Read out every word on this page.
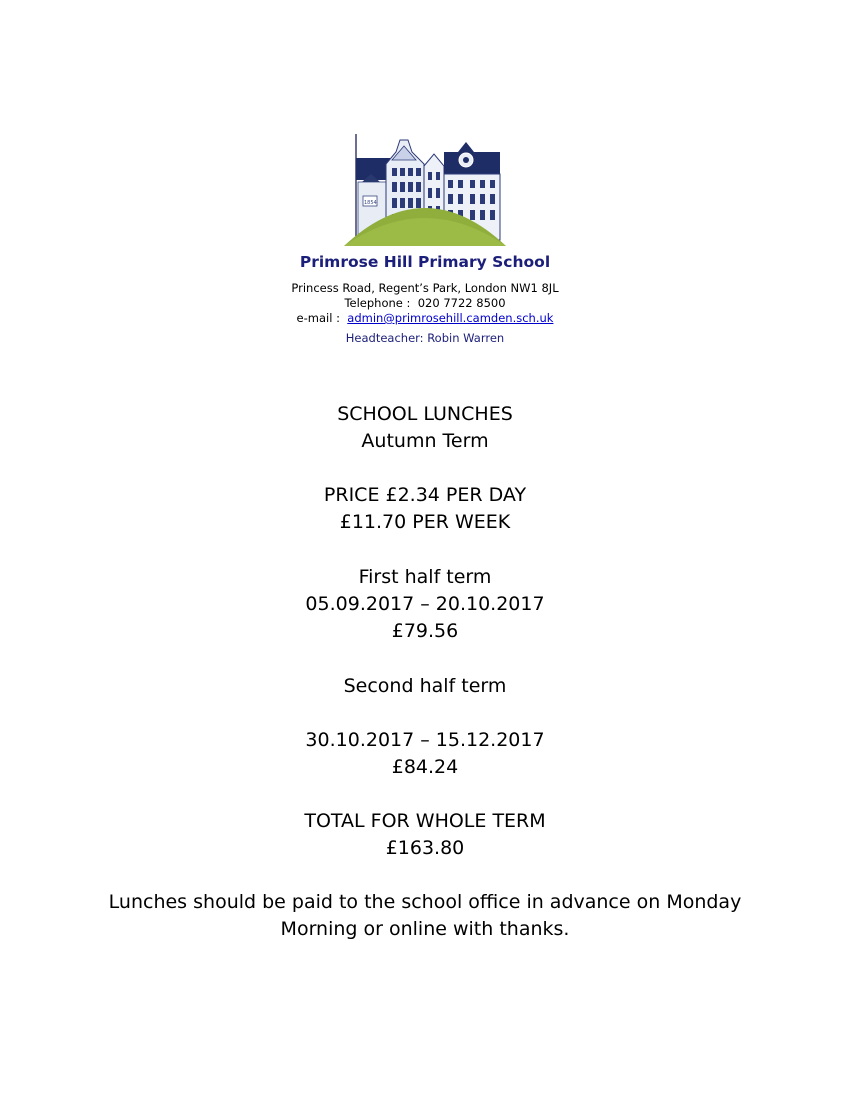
1854
Primrose Hill Primary School
Princess Road, Regent’s Park, London NW1 8JL
Telephone : 020 7722 8500
e-mail : admin@primrosehill.camden.sch.uk
Headteacher: Robin Warren
SCHOOL LUNCHES
Autumn Term
PRICE £2.34 PER DAY
£11.70 PER WEEK
First half term
05.09.2017 – 20.10.2017
£79.56
Second half term
30.10.2017 – 15.12.2017
£84.24
TOTAL FOR WHOLE TERM
£163.80
Lunches should be paid to the school office in advance on Monday
Morning or online with thanks.
